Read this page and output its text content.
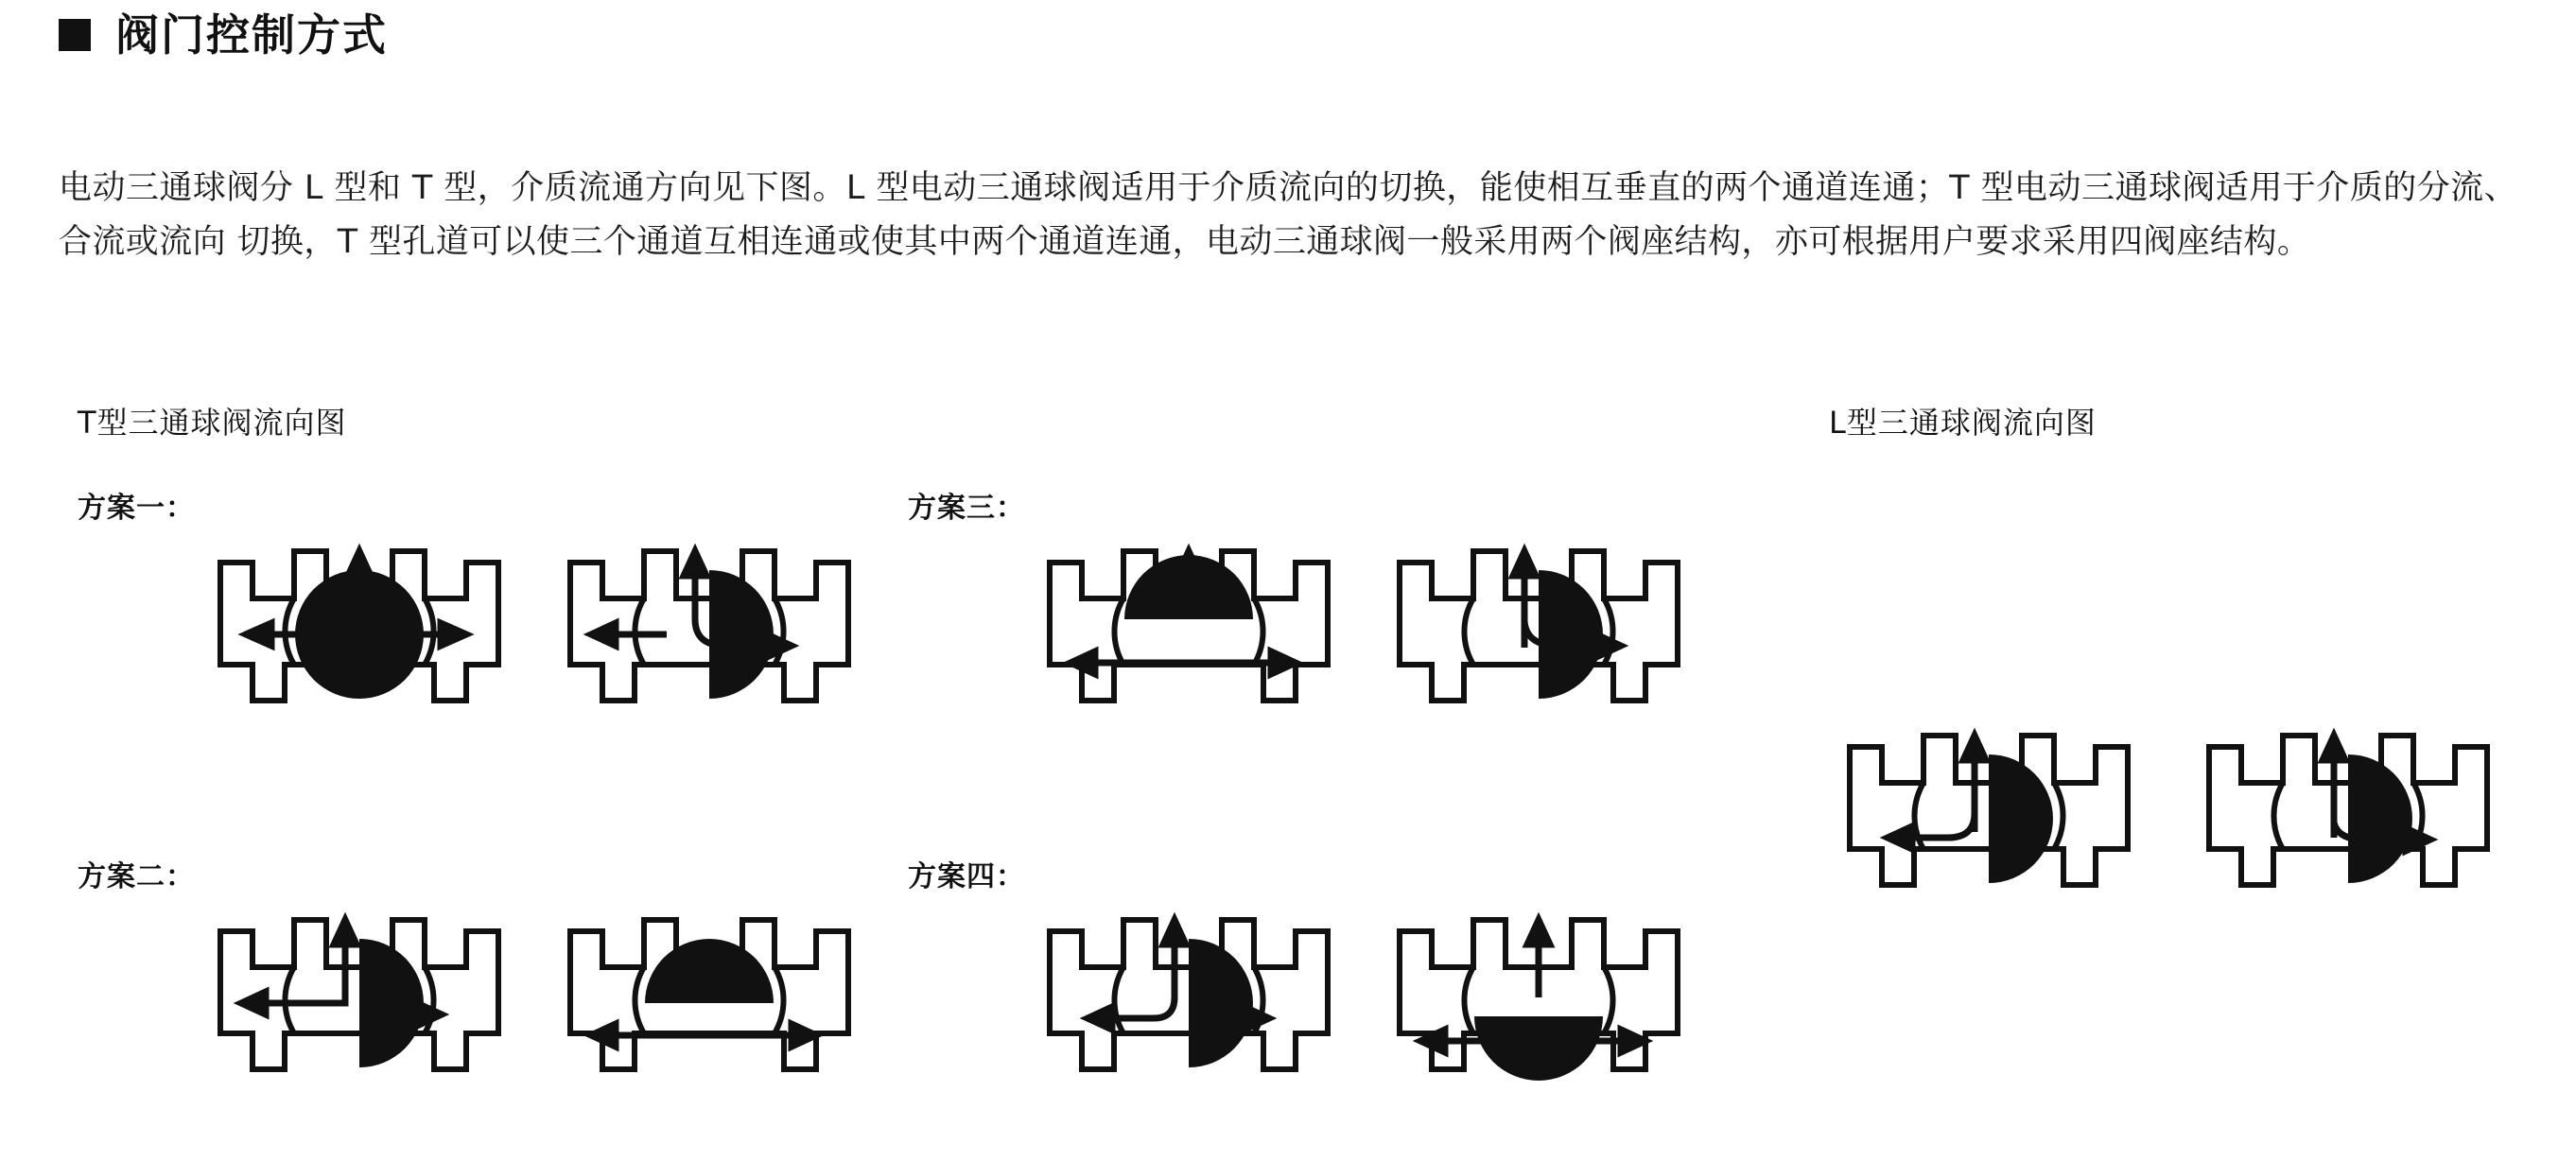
阀门控制方式

电动三通球阀分 L 型和 T 型，介质流通方向见下图。L 型电动三通球阀适用于介质流向的切换，能使相互垂直的两个通道连通；T 型电动三通球阀适用于介质的分流、合流或流向 切换，T 型孔道可以使三个通道互相连通或使其中两个通道连通，电动三通球阀一般采用两个阀座结构，亦可根据用户要求采用四阀座结构。

T型三通球阀流向图	L型三通球阀流向图
方案一：
方案二：
方案三：
方案四：
